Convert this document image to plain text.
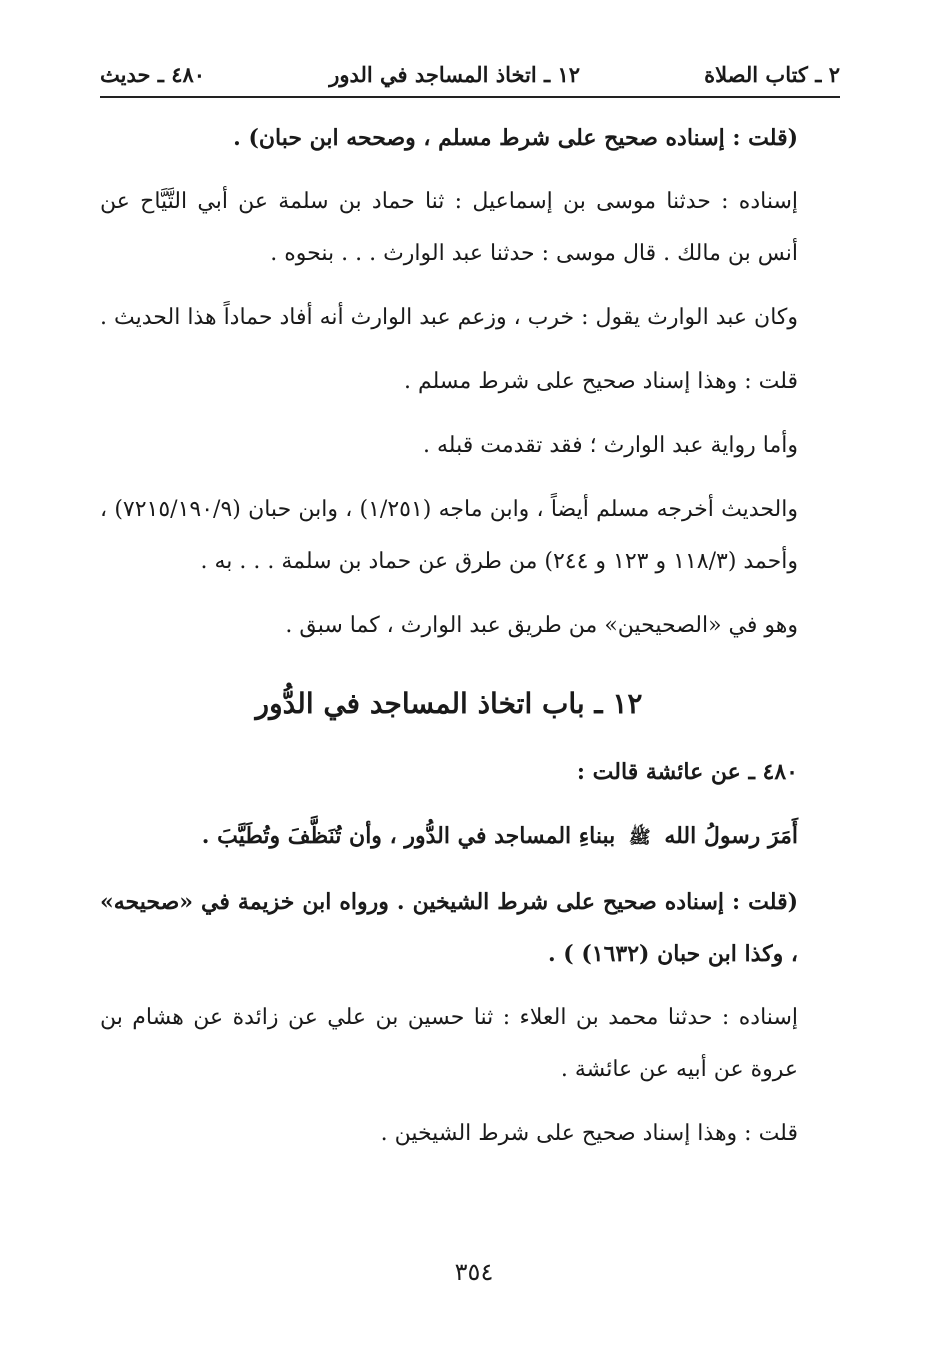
٢ ـ كتاب الصلاة
١٢ ـ اتخاذ المساجد في الدور
٤٨٠ ـ حديث

(قلت : إسناده صحيح على شرط مسلم ، وصححه ابن حبان) .

إسناده : حدثنا موسى بن إسماعيل : ثنا حماد بن سلمة عن أبي التَّيَّاح عن أنس بن مالك . قال موسى : حدثنا عبد الوارث . . . بنحوه .

وكان عبد الوارث يقول : خرب ، وزعم عبد الوارث أنه أفاد حماداً هذا الحديث .

قلت : وهذا إسناد صحيح على شرط مسلم .

وأما رواية عبد الوارث ؛ فقد تقدمت قبله .

والحديث أخرجه مسلم أيضاً ، وابن ماجه (١/٢٥١) ، وابن حبان (٧٢١٥/١٩٠/٩) ، وأحمد (١١٨/٣ و ١٢٣ و ٢٤٤) من طرق عن حماد بن سلمة . . . به .

وهو في «الصحيحين» من طريق عبد الوارث ، كما سبق .

١٢ ـ باب اتخاذ المساجد في الدُّور

٤٨٠ ـ عن عائشة قالت :

أَمَرَ رسولُ الله ﷺ ببناءِ المساجد في الدُّور ، وأن تُنَظَّفَ وتُطَيَّبَ .

(قلت : إسناده صحيح على شرط الشيخين . ورواه ابن خزيمة في «صحيحه» ، وكذا ابن حبان (١٦٣٢) ) .

إسناده : حدثنا محمد بن العلاء : ثنا حسين بن علي عن زائدة عن هشام بن عروة عن أبيه عن عائشة .

قلت : وهذا إسناد صحيح على شرط الشيخين .

٣٥٤
